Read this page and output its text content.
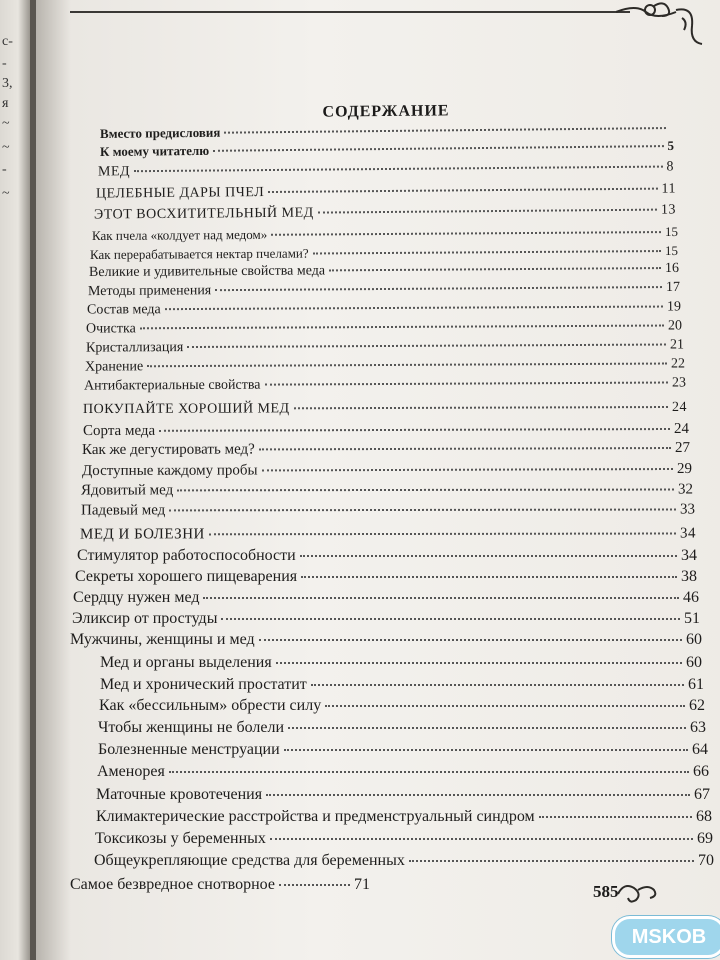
с-
-
3,
я
~
~
-
~
СОДЕРЖАНИЕ
Вместо предисловия
К моему читателю	5
МЕД	8
ЦЕЛЕБНЫЕ ДАРЫ ПЧЕЛ	11
ЭТОТ ВОСХИТИТЕЛЬНЫЙ МЕД	13
Как пчела «колдует над медом»	15
Как перерабатывается нектар пчелами?	15
Великие и удивительные свойства меда	16
Методы применения	17
Состав меда	19
Очистка	20
Кристаллизация	21
Хранение	22
Антибактериальные свойства	23
ПОКУПАЙТЕ ХОРОШИЙ МЕД	24
Сорта меда	24
Как же дегустировать мед?	27
Доступные каждому пробы	29
Ядовитый мед	32
Падевый мед	33
МЕД И БОЛЕЗНИ	34
Стимулятор работоспособности	34
Секреты хорошего пищеварения	38
Сердцу нужен мед	46
Эликсир от простуды	51
Мужчины, женщины и мед	60
Мед и органы выделения	60
Мед и хронический простатит	61
Как «бессильным» обрести силу	62
Чтобы женщины не болели	63
Болезненные менструации	64
Аменорея	66
Маточные кровотечения	67
Климактерические расстройства и предменструальный синдром	68
Токсикозы у беременных	69
Общеукрепляющие средства для беременных	70
Самое безвредное снотворное	71	585
MSKOB
